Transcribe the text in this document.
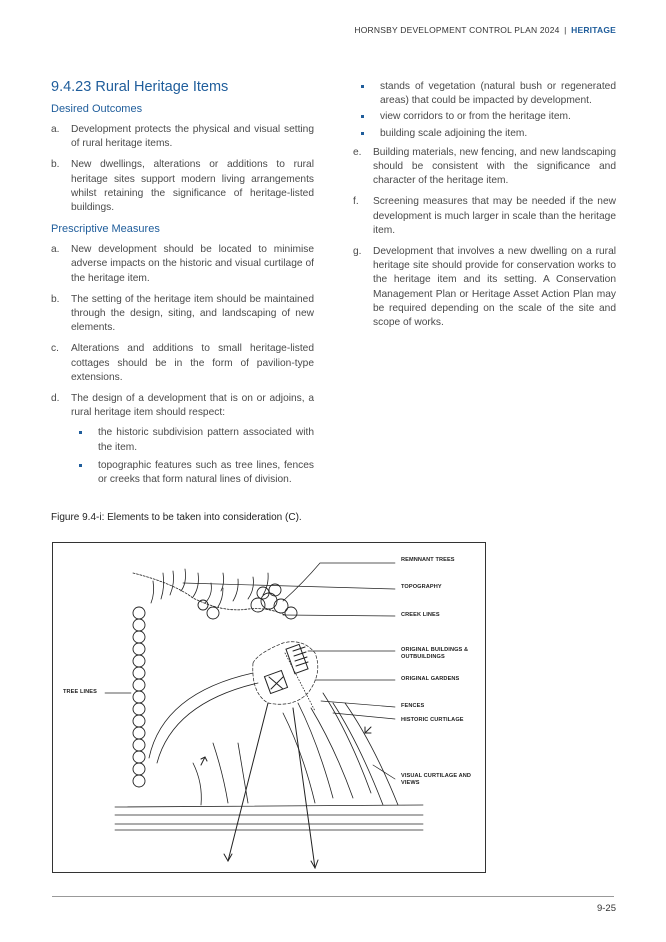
HORNSBY DEVELOPMENT CONTROL PLAN 2024 | HERITAGE
9.4.23 Rural Heritage Items
Desired Outcomes
a. Development protects the physical and visual setting of rural heritage items.
b. New dwellings, alterations or additions to rural heritage sites support modern living arrangements whilst retaining the significance of heritage-listed buildings.
Prescriptive Measures
a. New development should be located to minimise adverse impacts on the historic and visual curtilage of the heritage item.
b. The setting of the heritage item should be maintained through the design, siting, and landscaping of new elements.
c. Alterations and additions to small heritage-listed cottages should be in the form of pavilion-type extensions.
d. The design of a development that is on or adjoins, a rural heritage item should respect:
the historic subdivision pattern associated with the item.
topographic features such as tree lines, fences or creeks that form natural lines of division.
stands of vegetation (natural bush or regenerated areas) that could be impacted by development.
view corridors to or from the heritage item.
building scale adjoining the item.
e. Building materials, new fencing, and new landscaping should be consistent with the significance and character of the heritage item.
f. Screening measures that may be needed if the new development is much larger in scale than the heritage item.
g. Development that involves a new dwelling on a rural heritage site should provide for conservation works to the heritage item and its setting. A Conservation Management Plan or Heritage Asset Action Plan may be required depending on the scale of the site and scope of works.
Figure 9.4-i: Elements to be taken into consideration (C).
REMNNANT TREES
TOPOGRAPHY
CREEK LINES
ORIGINAL BUILDINGS &
OUTBUILDINGS
ORIGINAL GARDENS
FENCES
HISTORIC CURTILAGE
VISUAL CURTILAGE AND
VIEWS
TREE LINES
9-25
